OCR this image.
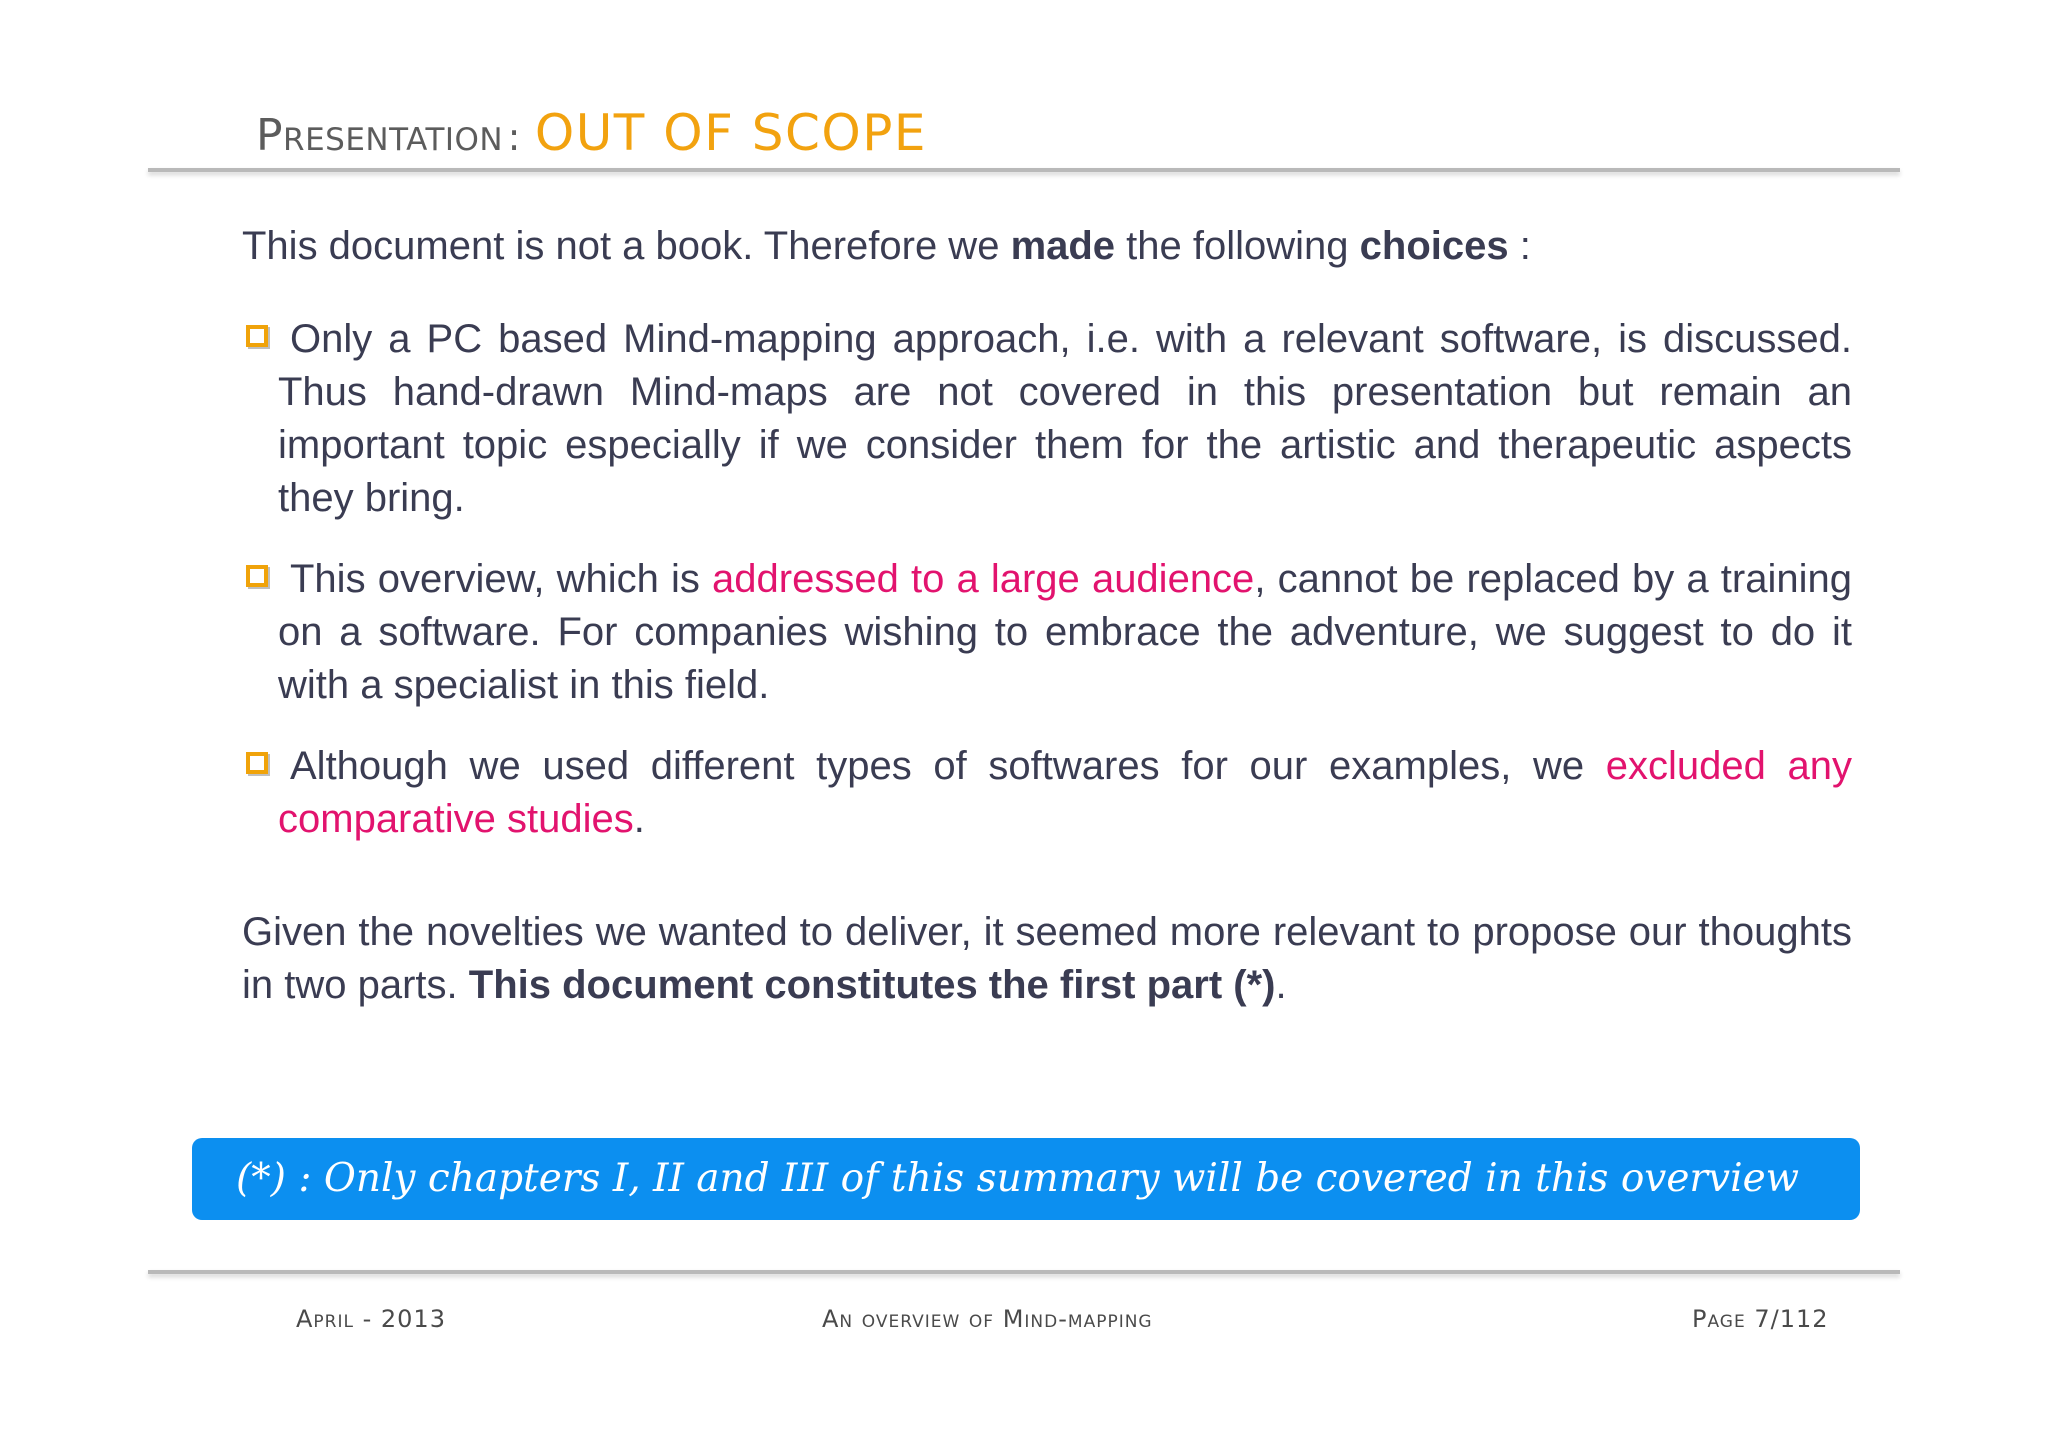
Presentation : OUT OF SCOPE

This document is not a book. Therefore we made the following choices :

Only a PC based Mind-mapping approach, i.e. with a relevant software, is discussed. Thus hand-drawn Mind-maps are not covered in this presentation but remain an important topic especially if we consider them for the artistic and therapeutic aspects they bring.

This overview, which is addressed to a large audience, cannot be replaced by a training on a software. For companies wishing to embrace the adventure, we suggest to do it with a specialist in this field.

Although we used different types of softwares for our examples, we excluded any comparative studies.

Given the novelties we wanted to deliver, it seemed more relevant to propose our thoughts in two parts. This document constitutes the first part (*).

(*) : Only chapters I, II and III of this summary will be covered in this overview
April - 2013	An overview of Mind-mapping	Page 7/112
